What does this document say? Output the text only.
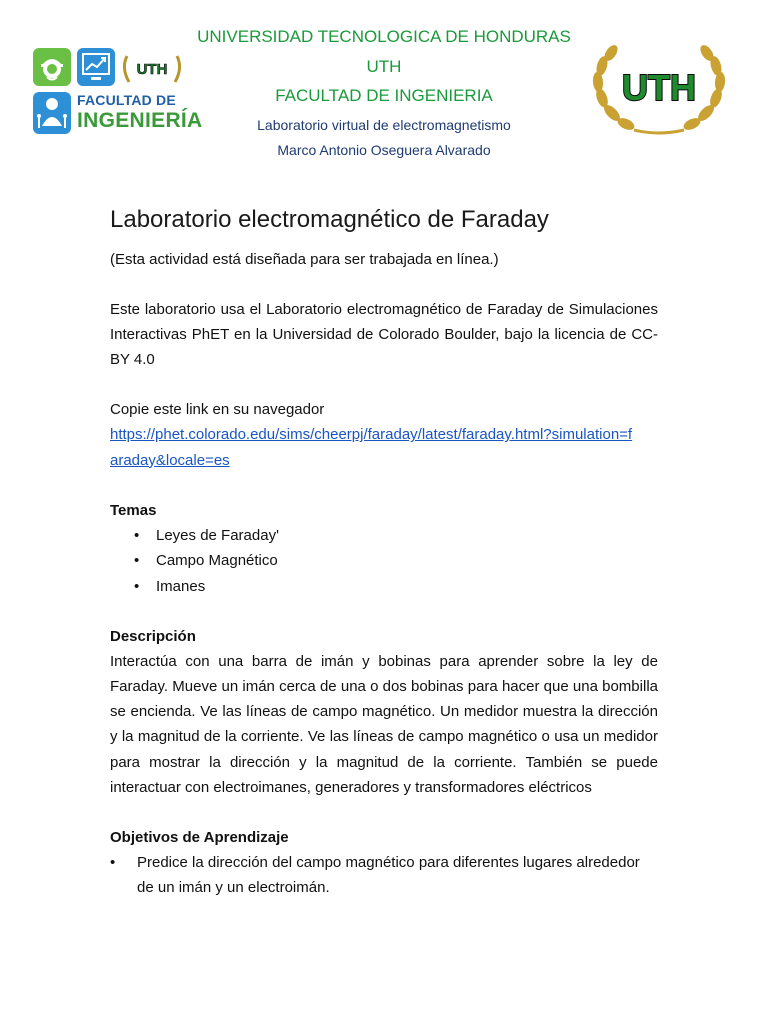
UTH
FACULTAD DE
INGENIERÍA
UNIVERSIDAD TECNOLOGICA DE HONDURAS
UTH
FACULTAD DE INGENIERIA
Laboratorio virtual de electromagnetismo
Marco Antonio Oseguera Alvarado
UTH
Laboratorio electromagnético de Faraday

(Esta actividad está diseñada para ser trabajada en línea.)

Este laboratorio usa el Laboratorio electromagnético de Faraday de Simulaciones Interactivas PhET en la Universidad de Colorado Boulder, bajo la licencia de CC-BY 4.0

Copie este link en su navegador

https://phet.colorado.edu/sims/cheerpj/faraday/latest/faraday.html?simulation=f
araday&locale=es

Temas

• Leyes de Faraday'
• Campo Magnético
• Imanes

Descripción

Interactúa con una barra de imán y bobinas para aprender sobre la ley de Faraday. Mueve un imán cerca de una o dos bobinas para hacer que una bombilla se encienda. Ve las líneas de campo magnético. Un medidor muestra la dirección y la magnitud de la corriente. Ve las líneas de campo magnético o usa un medidor para mostrar la dirección y la magnitud de la corriente. También se puede interactuar con electroimanes, generadores y transformadores eléctricos

Objetivos de Aprendizaje

• Predice la dirección del campo magnético para diferentes lugares alrededor de un imán y un electroimán.
